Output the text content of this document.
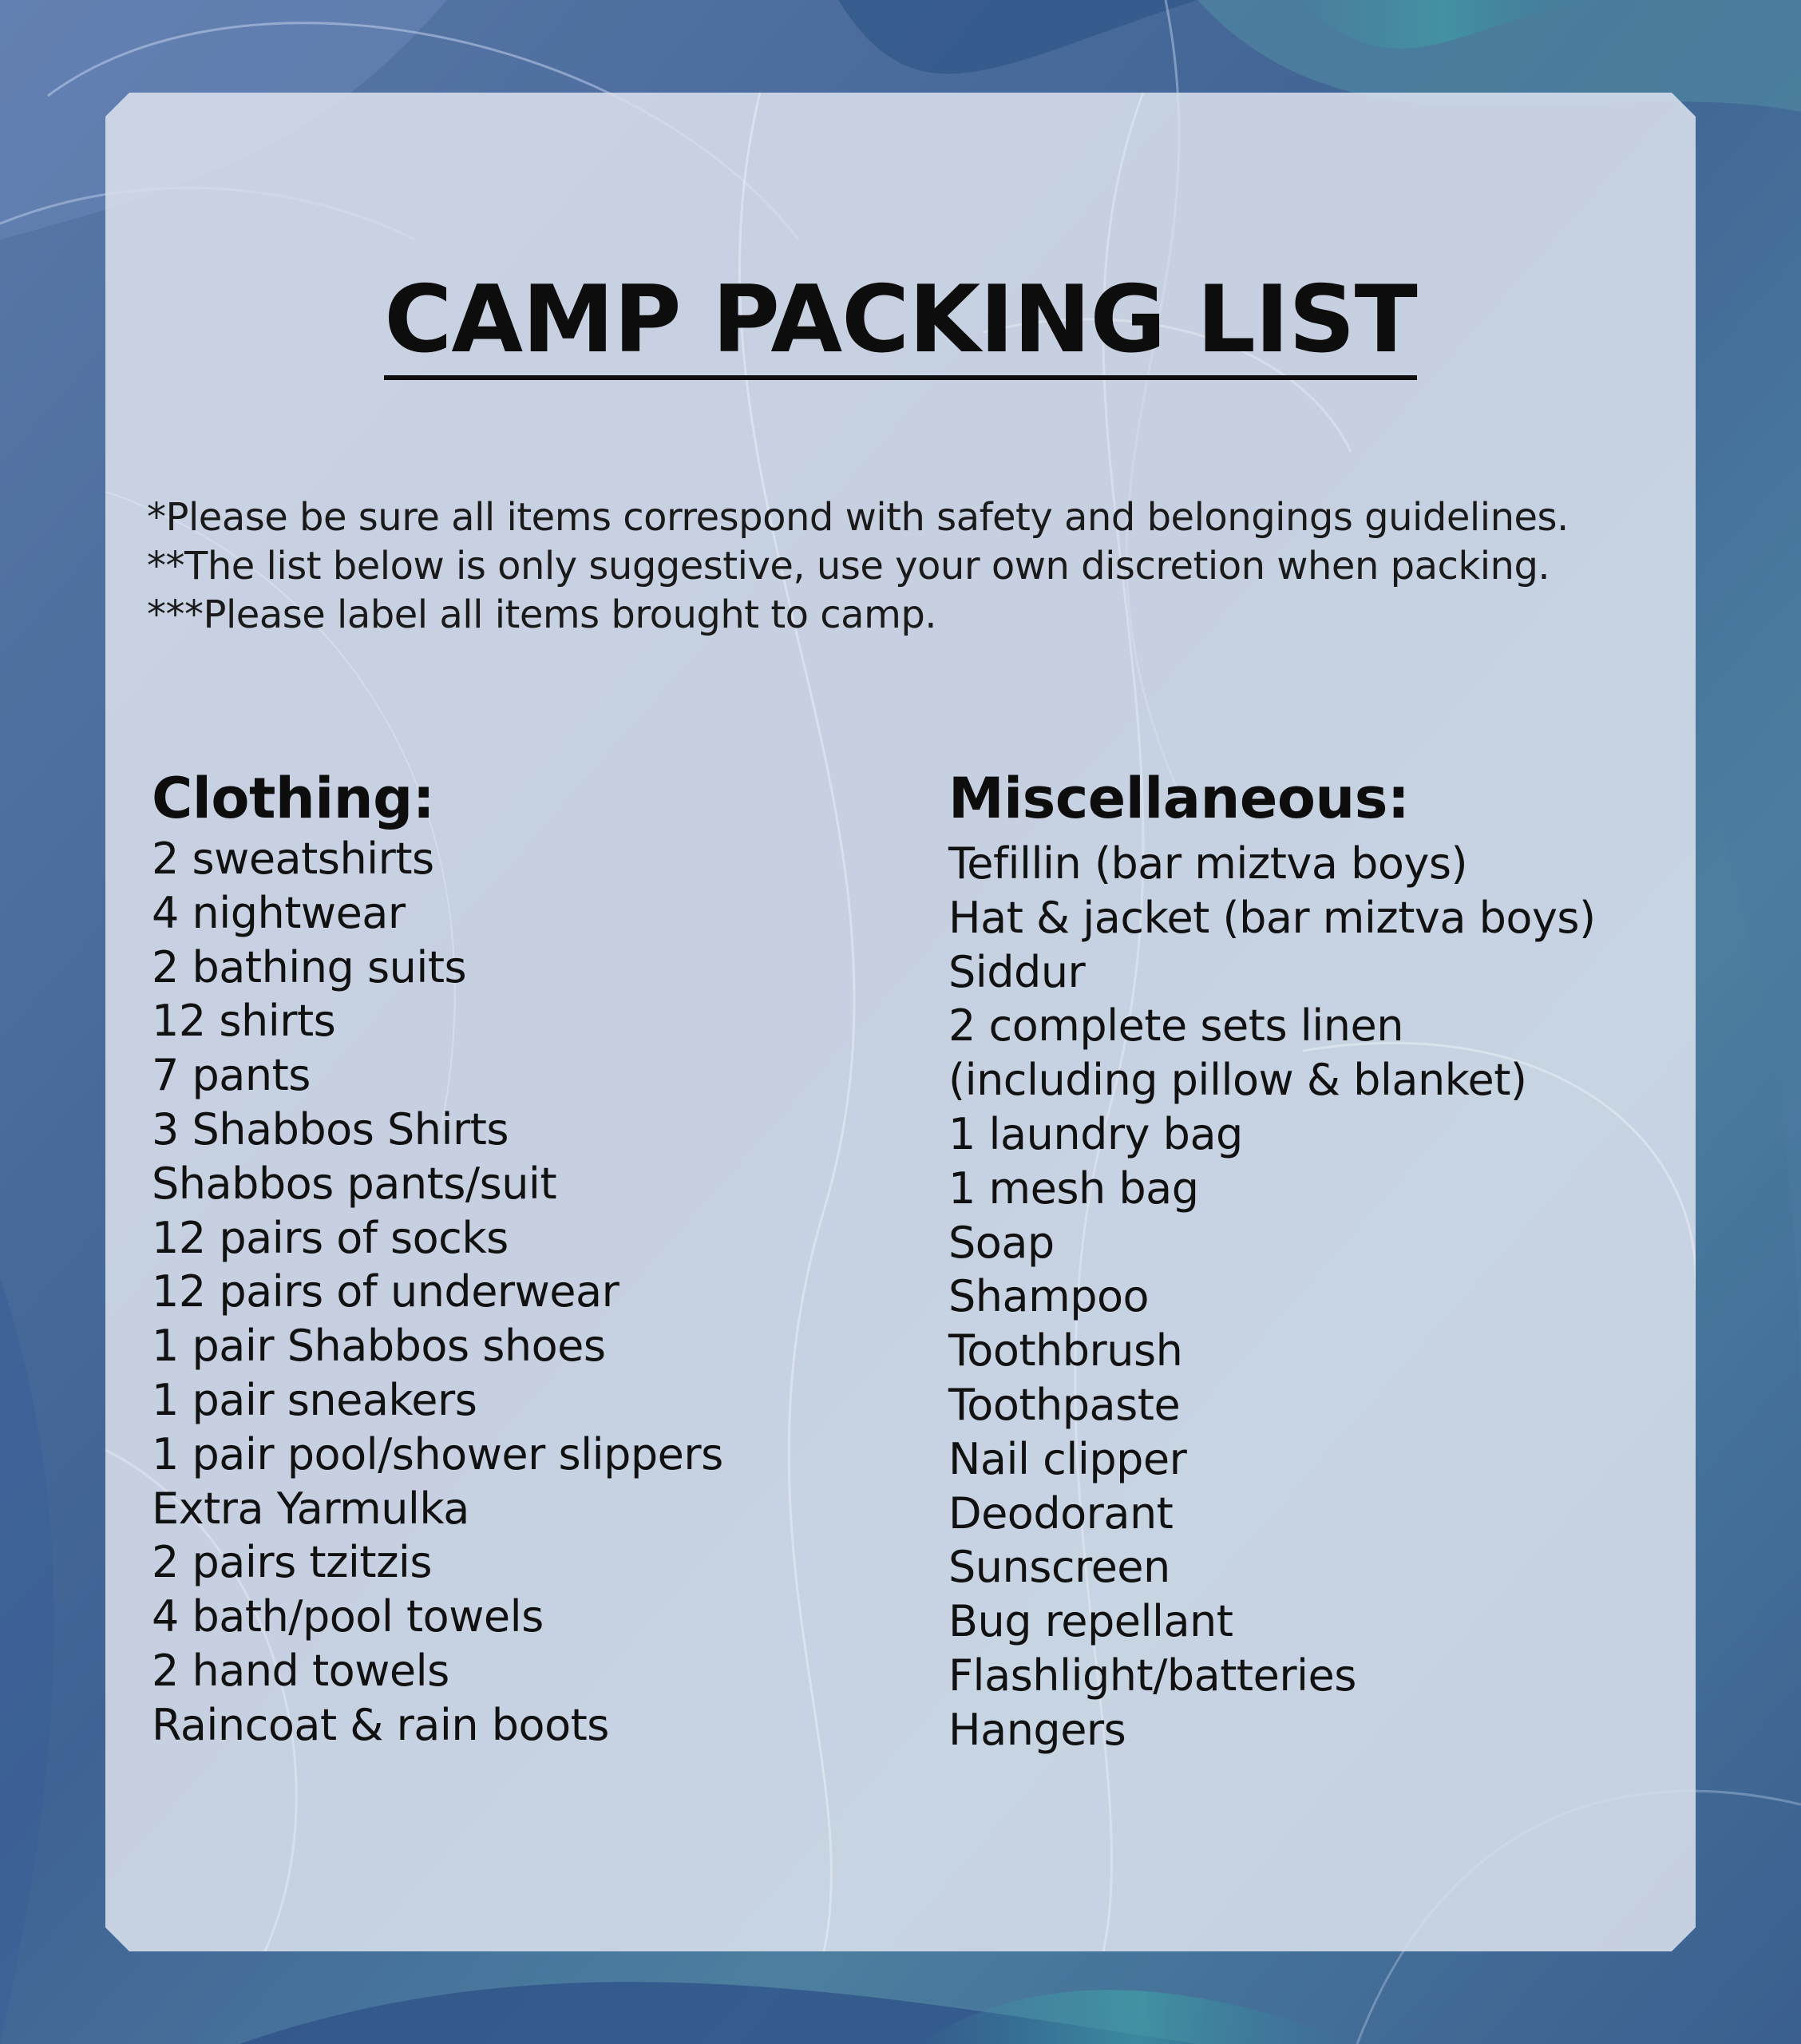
CAMP PACKING LIST
*Please be sure all items correspond with safety and belongings guidelines.
**The list below is only suggestive, use your own discretion when packing.
***Please label all items brought to camp.
Clothing:
2 sweatshirts
4 nightwear
2 bathing suits
12 shirts
7 pants
3 Shabbos Shirts
Shabbos pants/suit
12 pairs of socks
12 pairs of underwear
1 pair Shabbos shoes
1 pair sneakers
1 pair pool/shower slippers
Extra Yarmulka
2 pairs tzitzis
4 bath/pool towels
2 hand towels
Raincoat & rain boots
Miscellaneous:
Tefillin (bar miztva boys)
Hat & jacket (bar miztva boys)
Siddur
2 complete sets linen
(including pillow & blanket)
1 laundry bag
1 mesh bag
Soap
Shampoo
Toothbrush
Toothpaste
Nail clipper
Deodorant
Sunscreen
Bug repellant
Flashlight/batteries
Hangers
